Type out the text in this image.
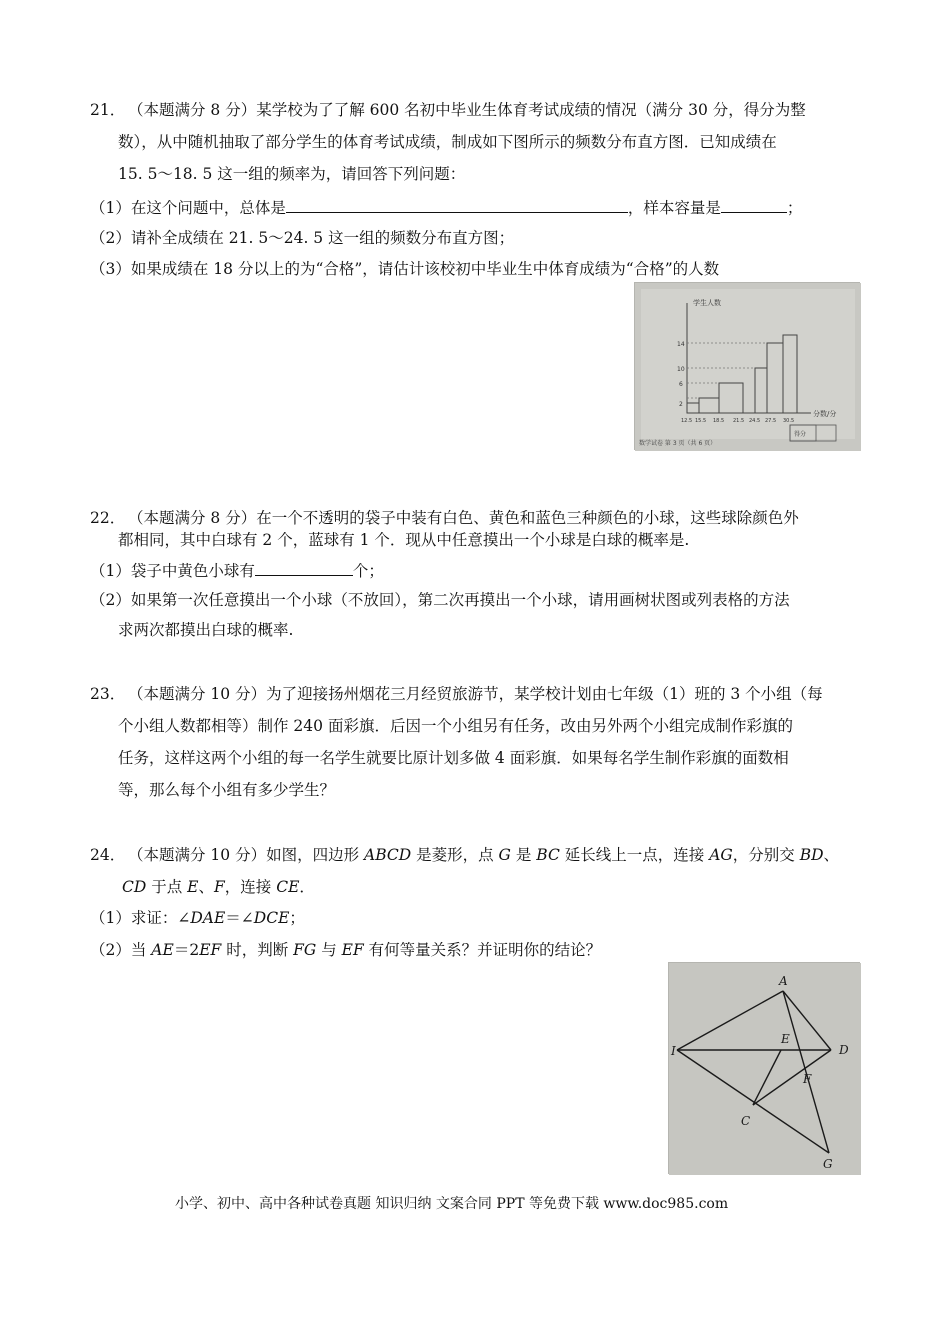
21． （本题满分 8 分）某学校为了了解 600 名初中毕业生体育考试成绩的情况（满分 30 分，得分为整
数），从中随机抽取了部分学生的体育考试成绩，制成如下图所示的频数分布直方图．已知成绩在
15. 5～18. 5 这一组的频率为，请回答下列问题：
（1）在这个问题中，总体是	，样本容量是	；
（2）请补全成绩在 21. 5～24. 5 这一组的频数分布直方图；
（3）如果成绩在 18 分以上的为“合格”，请估计该校初中毕业生中体育成绩为“合格”的人数
学生人数
分数/分
14
10
6
2
12.5 15.5 18.5 21.5 24.5 27.5 30.5
得分
数学试卷 第 3 页（共 6 页）
22． （本题满分 8 分）在一个不透明的袋子中装有白色、黄色和蓝色三种颜色的小球，这些球除颜色外
都相同，其中白球有 2 个，蓝球有 1 个．现从中任意摸出一个小球是白球的概率是.
（1）袋子中黄色小球有	个；
（2）如果第一次任意摸出一个小球（不放回），第二次再摸出一个小球，请用画树状图或列表格的方法
求两次都摸出白球的概率.
23． （本题满分 10 分）为了迎接扬州烟花三月经贸旅游节，某学校计划由七年级（1）班的 3 个小组（每
个小组人数都相等）制作 240 面彩旗．后因一个小组另有任务，改由另外两个小组完成制作彩旗的
任务，这样这两个小组的每一名学生就要比原计划多做 4 面彩旗．如果每名学生制作彩旗的面数相
等，那么每个小组有多少学生？
24． （本题满分 10 分）如图，四边形 ABCD 是菱形，点 G 是 BC 延长线上一点，连接 AG，分别交 BD、
CD 于点 E、F，连接 CE．
（1）求证：∠DAE＝∠DCE；
（2）当 AE＝2EF 时，判断 FG 与 EF 有何等量关系？并证明你的结论？
A
I
C
D
E
F
G
小学、初中、高中各种试卷真题 知识归纳 文案合同 PPT 等免费下载 www.doc985.com
